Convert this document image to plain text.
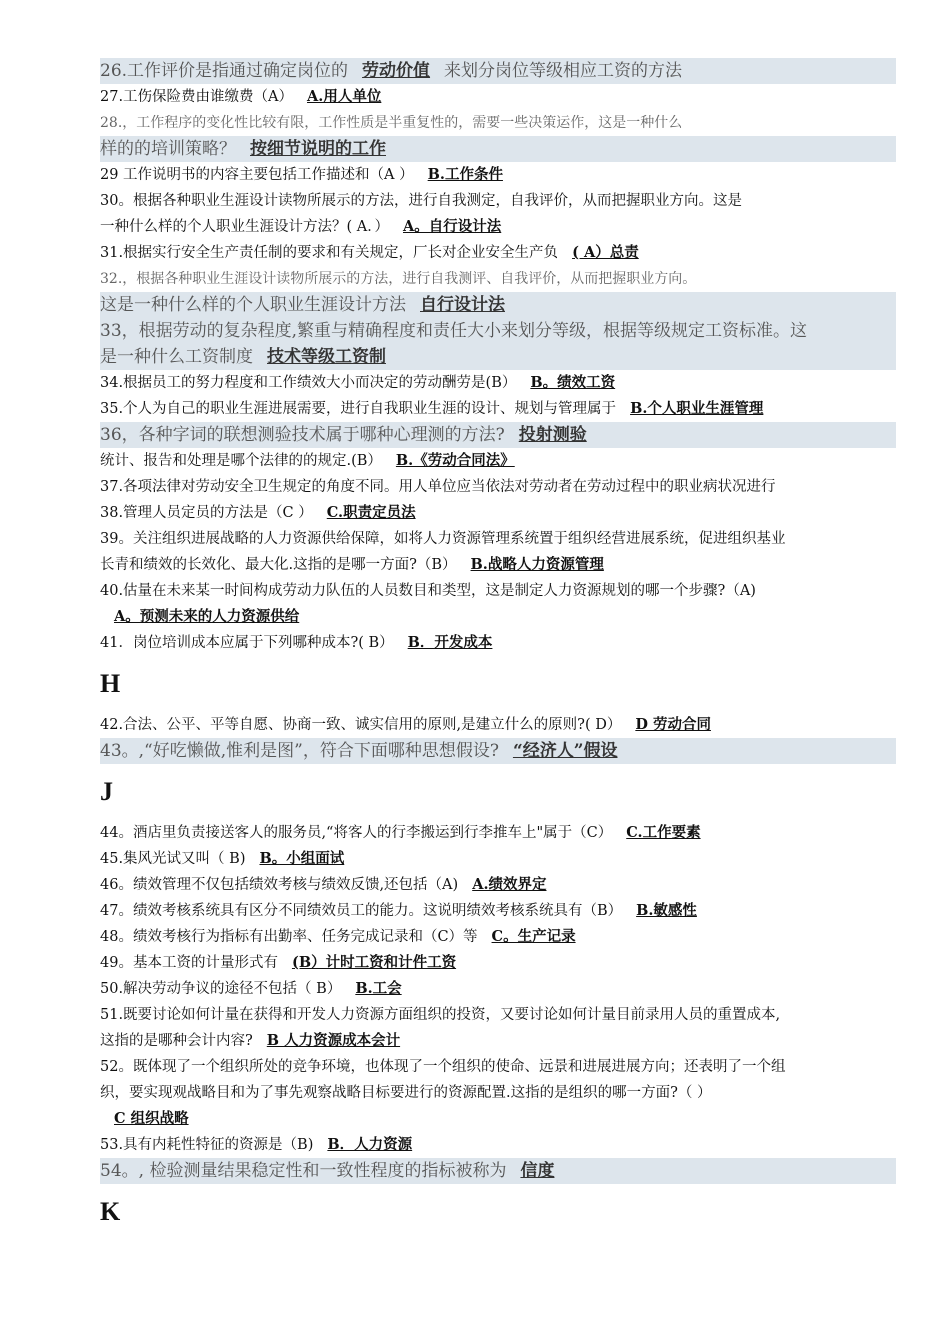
26.工作评价是指通过确定岗位的 劳动价值 来划分岗位等级相应工资的方法
27.工伤保险费由谁缴费（A） A.用人单位
28.，工作程序的变化性比较有限，工作性质是半重复性的，需要一些决策运作，这是一种什么
样的的培训策略？ 按细节说明的工作
29 工作说明书的内容主要包括工作描述和（A ） B.工作条件
30。根据各种职业生涯设计读物所展示的方法，进行自我测定，自我评价，从而把握职业方向。这是
一种什么样的个人职业生涯设计方法？( A．） A。自行设计法
31.根据实行安全生产责任制的要求和有关规定，厂长对企业安全生产负 ( A）总责
32.，根据各种职业生涯设计读物所展示的方法，进行自我测评、自我评价，从而把握职业方向。
这是一种什么样的个人职业生涯设计方法 自行设计法
33，根据劳动的复杂程度,繁重与精确程度和责任大小来划分等级，根据等级规定工资标准。这
是一种什么工资制度 技术等级工资制
34.根据员工的努力程度和工作绩效大小而决定的劳动酬劳是(B） B。绩效工资
35.个人为自己的职业生涯进展需要，进行自我职业生涯的设计、规划与管理属于 B.个人职业生涯管理
36，各种字词的联想测验技术属于哪种心理测的方法? 投射测验
统计、报告和处理是哪个法律的的规定.(B） B.《劳动合同法》
37.各项法律对劳动安全卫生规定的角度不同。用人单位应当依法对劳动者在劳动过程中的职业病状况进行
38.管理人员定员的方法是（C ） C.职责定员法
39。关注组织进展战略的人力资源供给保障，如将人力资源管理系统置于组织经营进展系统，促进组织基业
长青和绩效的长效化、最大化.这指的是哪一方面?（B） B.战略人力资源管理
40.估量在未来某一时间构成劳动力队伍的人员数目和类型，这是制定人力资源规划的哪一个步骤?（A)
A。预测未来的人力资源供给
41．岗位培训成本应属于下列哪种成本?( B） B．开发成本
H
42.合法、公平、平等自愿、协商一致、诚实信用的原则,是建立什么的原则?( D） D 劳动合同
43。,“好吃懒做,惟利是图”，符合下面哪种思想假设? “经济人”假设
J
44。酒店里负责接送客人的服务员,“将客人的行李搬运到行李推车上"属于（C） C.工作要素
45.集风光试又叫（ B) B。小组面试
46。绩效管理不仅包括绩效考核与绩效反馈,还包括（A) A.绩效界定
47。绩效考核系统具有区分不同绩效员工的能力。这说明绩效考核系统具有（B） B.敏感性
48。绩效考核行为指标有出勤率、任务完成记录和（C）等 C。生产记录
49。基本工资的计量形式有 (B）计时工资和计件工资
50.解决劳动争议的途径不包括（ B） B.工会
51.既要讨论如何计量在获得和开发人力资源方面组织的投资，又要讨论如何计量目前录用人员的重置成本,
这指的是哪种会计内容? B 人力资源成本会计
52。既体现了一个组织所处的竞争环境，也体现了一个组织的使命、远景和进展进展方向；还表明了一个组
织，要实现观战略目和为了事先观察战略目标要进行的资源配置.这指的是组织的哪一方面?（ ）
C 组织战略
53.具有内耗性特征的资源是（B) B．人力资源
54。, 检验测量结果稳定性和一致性程度的指标被称为 信度
K
